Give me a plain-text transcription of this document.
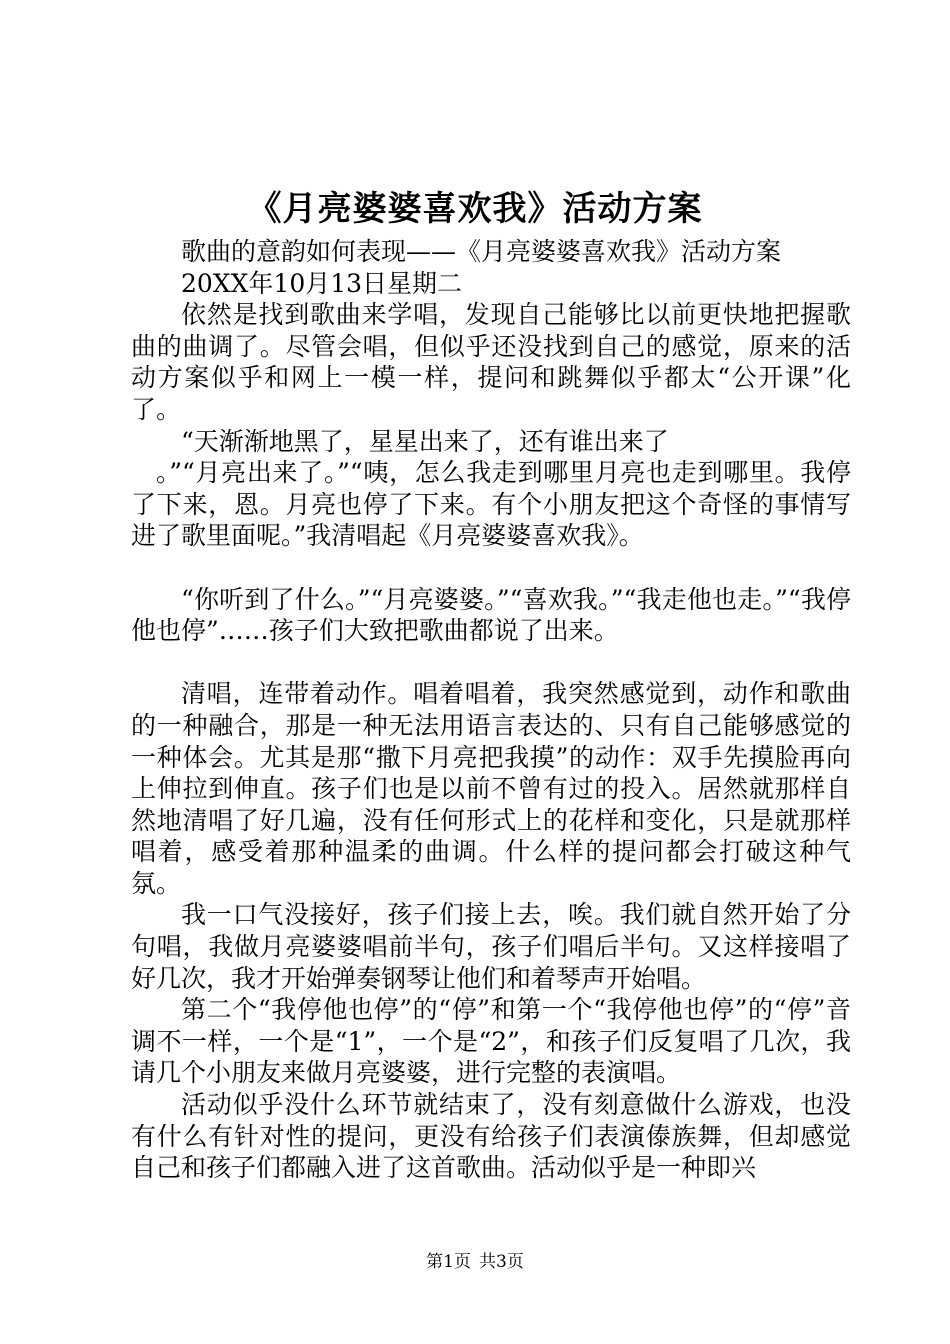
《月亮婆婆喜欢我》活动方案

歌曲的意韵如何表现——《月亮婆婆喜欢我》活动方案

20XX年10月13日星期二

依然是找到歌曲来学唱，发现自己能够比以前更快地把握歌曲的曲调了。尽管会唱，但似乎还没找到自己的感觉，原来的活动方案似乎和网上一模一样，提问和跳舞似乎都太“公开课”化了。

“天渐渐地黑了，星星出来了，还有谁出来了

。”“月亮出来了。”“咦，怎么我走到哪里月亮也走到哪里。我停了下来，恩。月亮也停了下来。有个小朋友把这个奇怪的事情写进了歌里面呢。”我清唱起《月亮婆婆喜欢我》。

“你听到了什么。”“月亮婆婆。”“喜欢我。”“我走他也走。”“我停他也停”……孩子们大致把歌曲都说了出来。

清唱，连带着动作。唱着唱着，我突然感觉到，动作和歌曲的一种融合，那是一种无法用语言表达的、只有自己能够感觉的一种体会。尤其是那“撒下月亮把我摸”的动作：双手先摸脸再向上伸拉到伸直。孩子们也是以前不曾有过的投入。居然就那样自然地清唱了好几遍，没有任何形式上的花样和变化，只是就那样唱着，感受着那种温柔的曲调。什么样的提问都会打破这种气氛。

我一口气没接好，孩子们接上去，唉。我们就自然开始了分句唱，我做月亮婆婆唱前半句，孩子们唱后半句。又这样接唱了好几次，我才开始弹奏钢琴让他们和着琴声开始唱。

第二个“我停他也停”的“停”和第一个“我停他也停”的“停”音调不一样，一个是“1”，一个是“2”，和孩子们反复唱了几次，我请几个小朋友来做月亮婆婆，进行完整的表演唱。

活动似乎没什么环节就结束了，没有刻意做什么游戏，也没有什么有针对性的提问，更没有给孩子们表演傣族舞，但却感觉自己和孩子们都融入进了这首歌曲。活动似乎是一种即兴

第1页 共3页
